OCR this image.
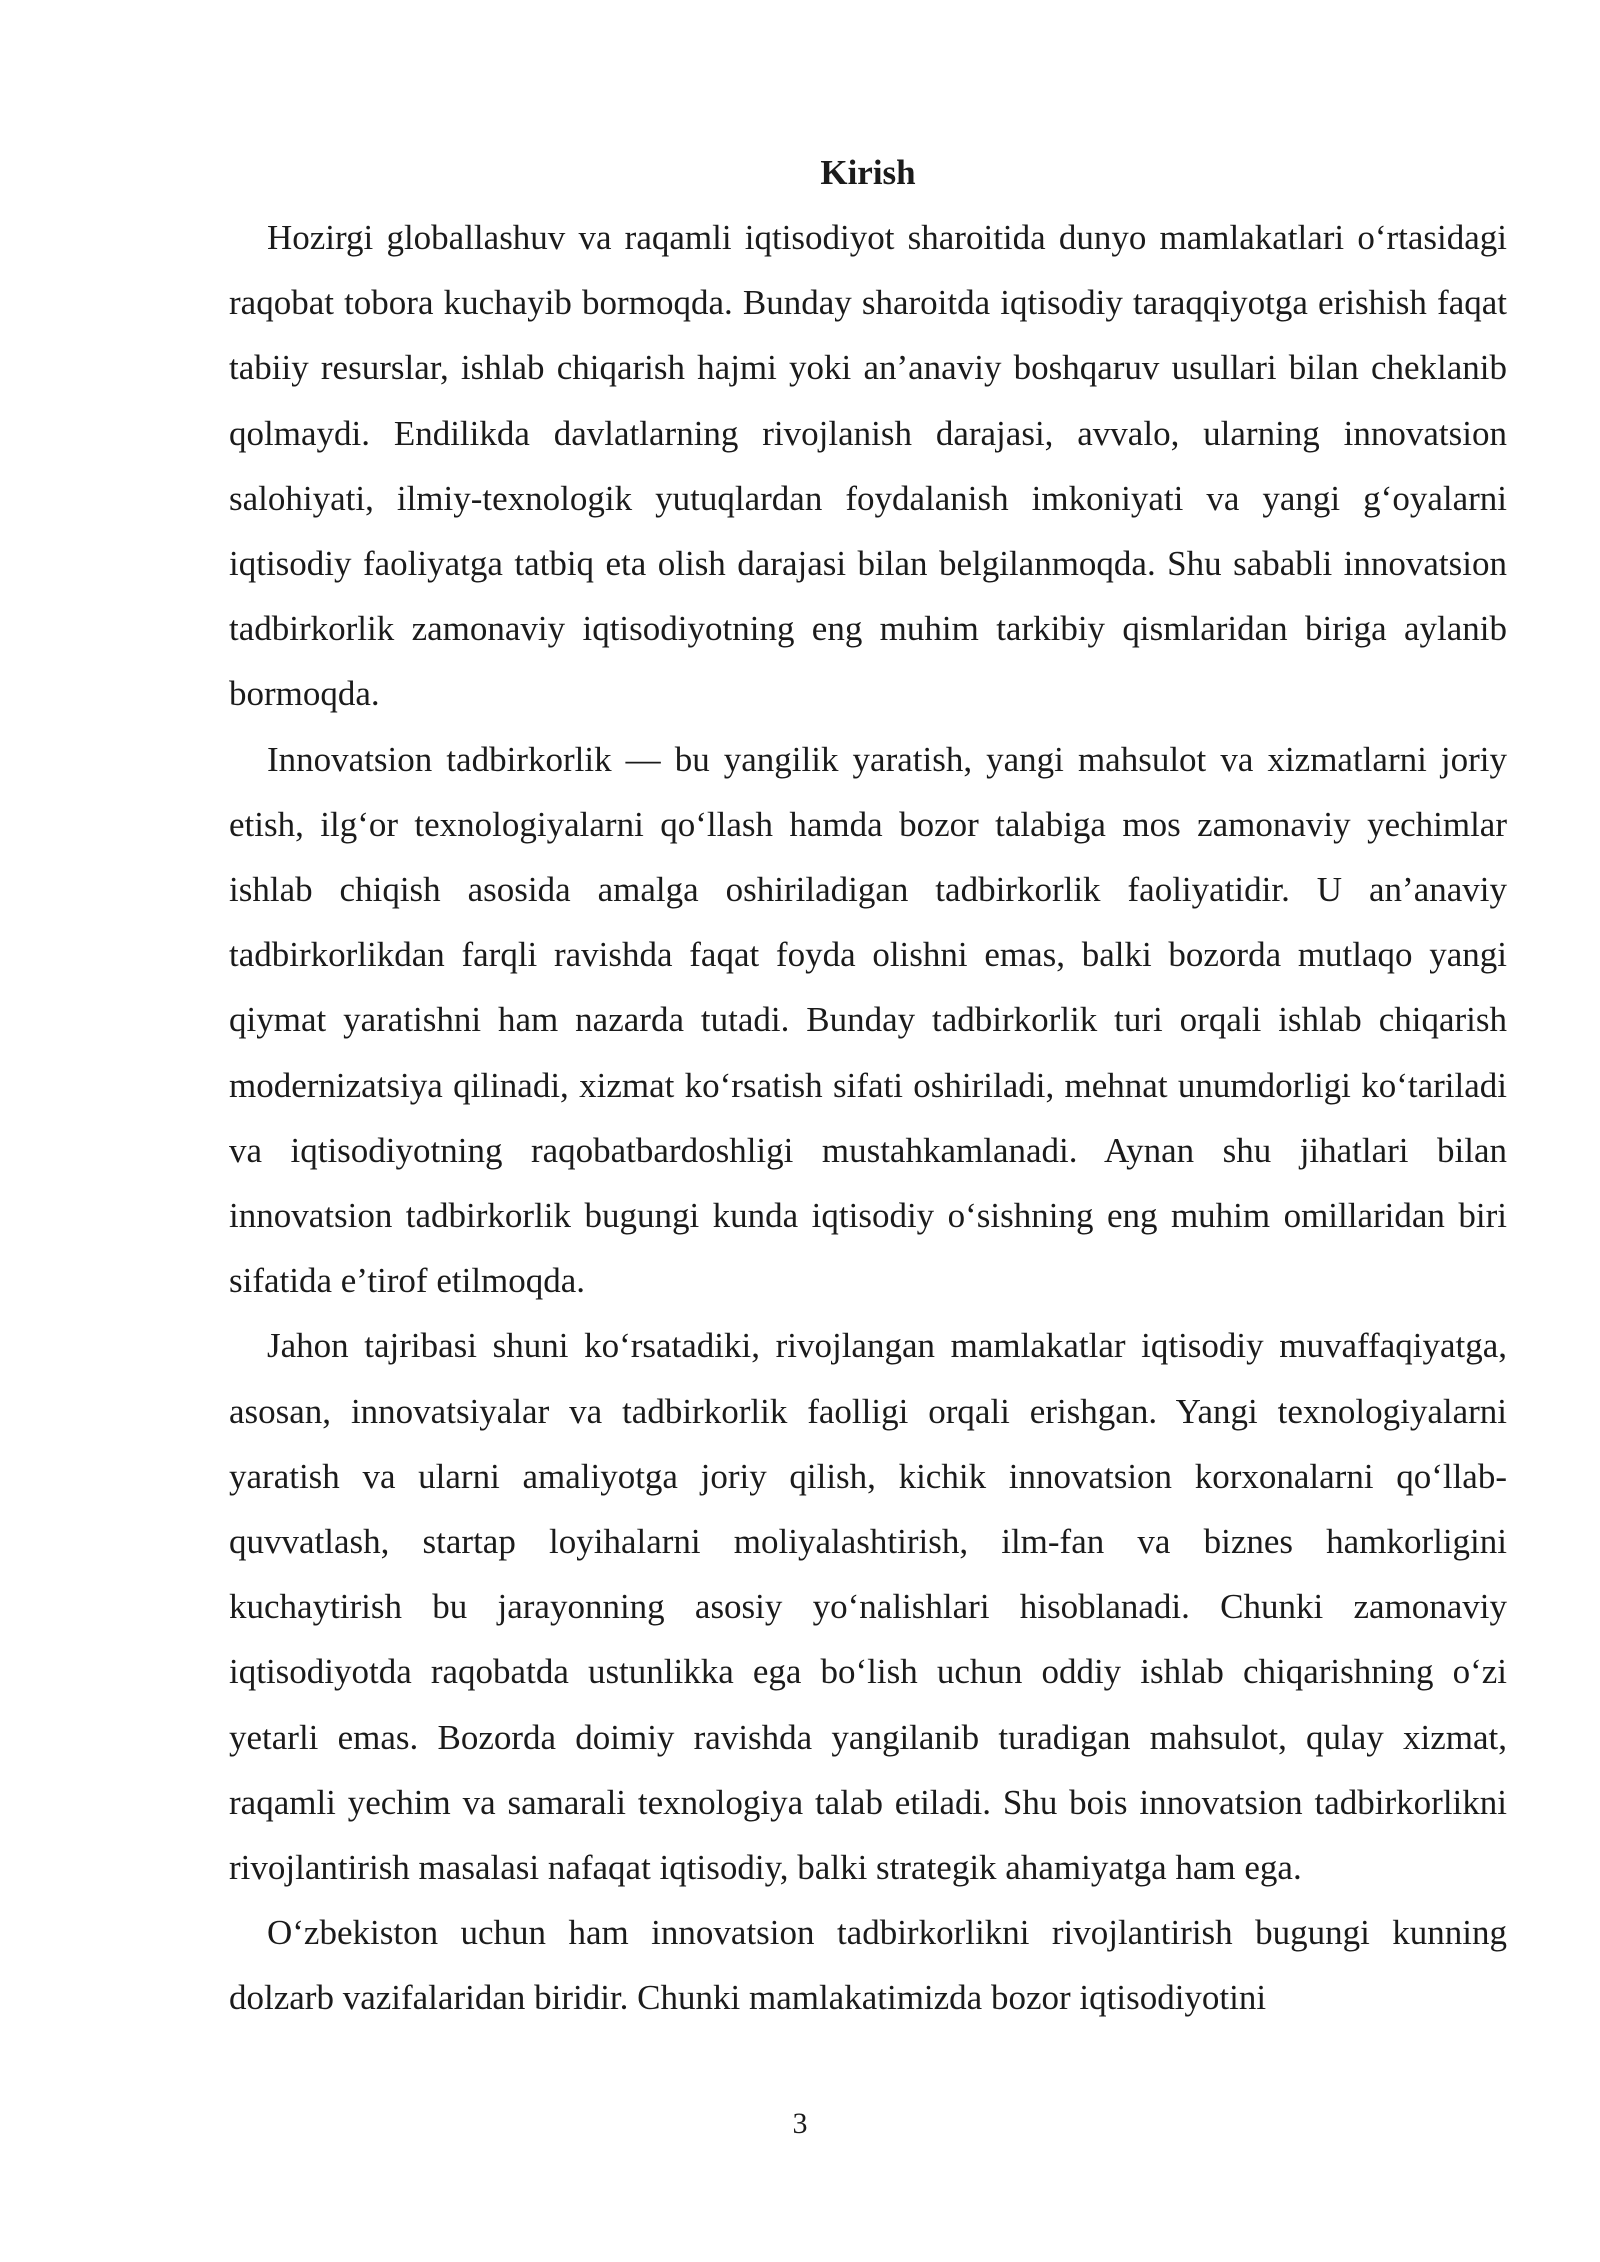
Kirish

Hozirgi globallashuv va raqamli iqtisodiyot sharoitida dunyo mamlakatlari o‘rtasidagi raqobat tobora kuchayib bormoqda. Bunday sharoitda iqtisodiy taraqqiyotga erishish faqat tabiiy resurslar, ishlab chiqarish hajmi yoki an’anaviy boshqaruv usullari bilan cheklanib qolmaydi. Endilikda davlatlarning rivojlanish darajasi, avvalo, ularning innovatsion salohiyati, ilmiy-texnologik yutuqlardan foydalanish imkoniyati va yangi g‘oyalarni iqtisodiy faoliyatga tatbiq eta olish darajasi bilan belgilanmoqda. Shu sababli innovatsion tadbirkorlik zamonaviy iqtisodiyotning eng muhim tarkibiy qismlaridan biriga aylanib bormoqda.

Innovatsion tadbirkorlik — bu yangilik yaratish, yangi mahsulot va xizmatlarni joriy etish, ilg‘or texnologiyalarni qo‘llash hamda bozor talabiga mos zamonaviy yechimlar ishlab chiqish asosida amalga oshiriladigan tadbirkorlik faoliyatidir. U an’anaviy tadbirkorlikdan farqli ravishda faqat foyda olishni emas, balki bozorda mutlaqo yangi qiymat yaratishni ham nazarda tutadi. Bunday tadbirkorlik turi orqali ishlab chiqarish modernizatsiya qilinadi, xizmat ko‘rsatish sifati oshiriladi, mehnat unumdorligi ko‘tariladi va iqtisodiyotning raqobatbardoshligi mustahkamlanadi. Aynan shu jihatlari bilan innovatsion tadbirkorlik bugungi kunda iqtisodiy o‘sishning eng muhim omillaridan biri sifatida e’tirof etilmoqda.

Jahon tajribasi shuni ko‘rsatadiki, rivojlangan mamlakatlar iqtisodiy muvaffaqiyatga, asosan, innovatsiyalar va tadbirkorlik faolligi orqali erishgan. Yangi texnologiyalarni yaratish va ularni amaliyotga joriy qilish, kichik innovatsion korxonalarni qo‘llab-quvvatlash, startap loyihalarni moliyalashtirish, ilm-fan va biznes hamkorligini kuchaytirish bu jarayonning asosiy yo‘nalishlari hisoblanadi. Chunki zamonaviy iqtisodiyotda raqobatda ustunlikka ega bo‘lish uchun oddiy ishlab chiqarishning o‘zi yetarli emas. Bozorda doimiy ravishda yangilanib turadigan mahsulot, qulay xizmat, raqamli yechim va samarali texnologiya talab etiladi. Shu bois innovatsion tadbirkorlikni rivojlantirish masalasi nafaqat iqtisodiy, balki strategik ahamiyatga ham ega.

O‘zbekiston uchun ham innovatsion tadbirkorlikni rivojlantirish bugungi kunning dolzarb vazifalaridan biridir. Chunki mamlakatimizda bozor iqtisodiyotini

3
